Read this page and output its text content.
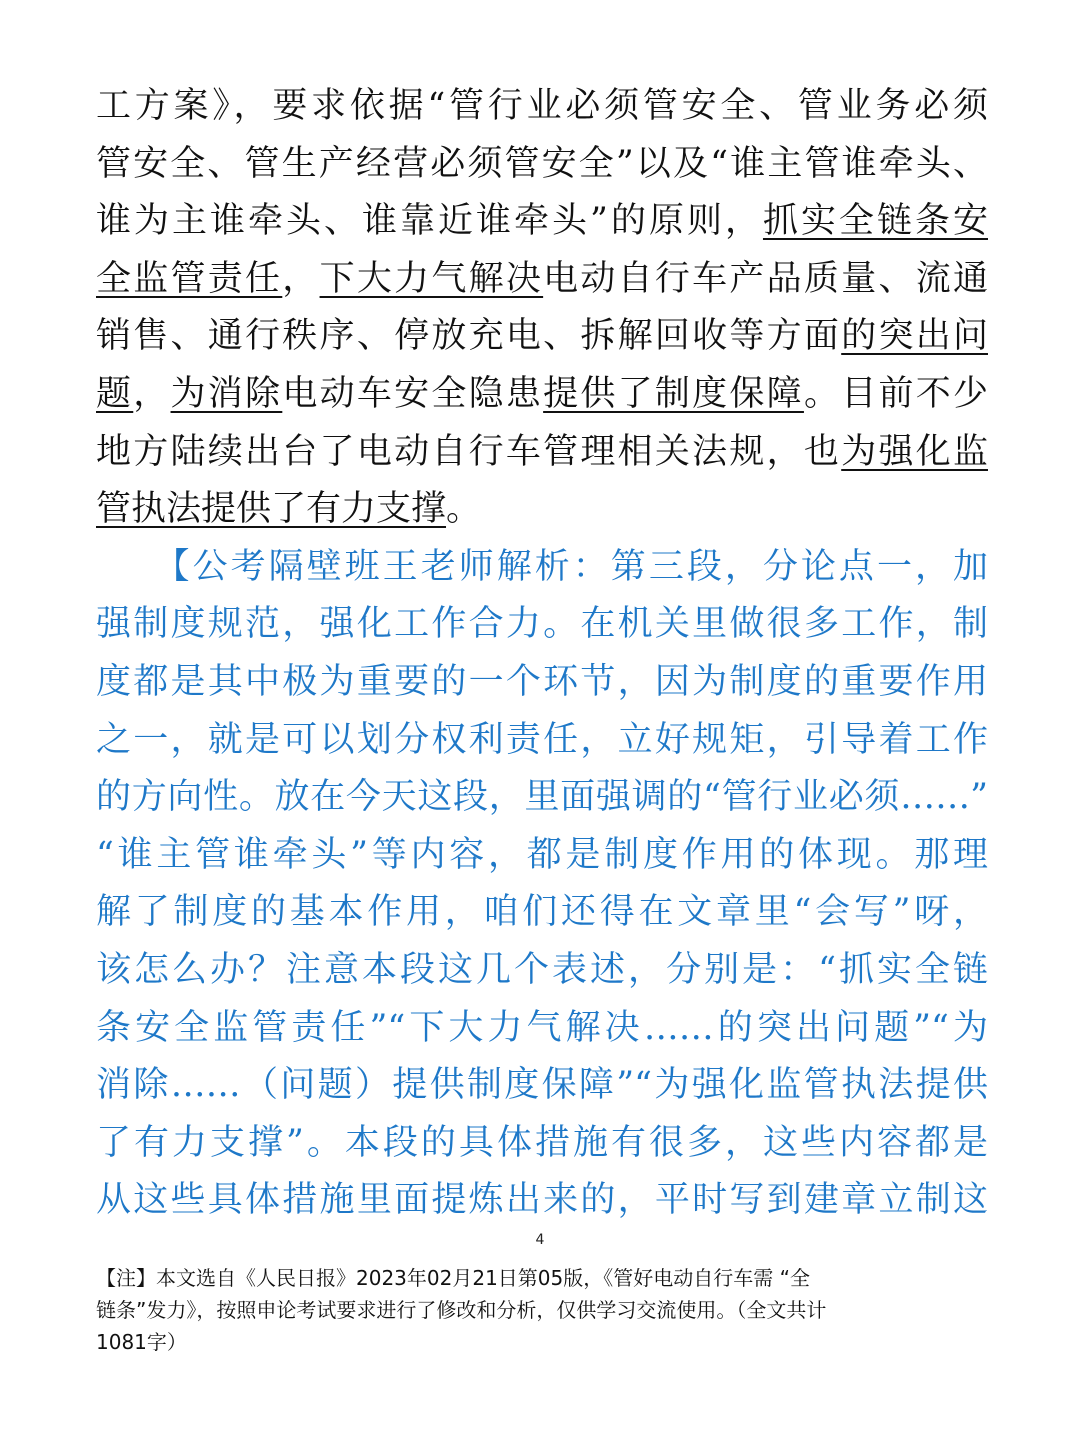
工方案》，要求依据“管行业必须管安全、管业务必须
管安全、管生产经营必须管安全”以及“谁主管谁牵头、
谁为主谁牵头、谁靠近谁牵头”的原则，抓实全链条安
全监管责任，下大力气解决电动自行车产品质量、流通
销售、通行秩序、停放充电、拆解回收等方面的突出问
题，为消除电动车安全隐患提供了制度保障。目前不少
地方陆续出台了电动自行车管理相关法规，也为强化监
管执法提供了有力支撑。
　　【公考隔壁班王老师解析：第三段，分论点一，加
强制度规范，强化工作合力。在机关里做很多工作，制
度都是其中极为重要的一个环节，因为制度的重要作用
之一，就是可以划分权利责任，立好规矩，引导着工作
的方向性。放在今天这段，里面强调的“管行业必须……”
“谁主管谁牵头”等内容，都是制度作用的体现。那理
解了制度的基本作用，咱们还得在文章里“会写”呀，
该怎么办？注意本段这几个表述，分别是：“抓实全链
条安全监管责任”“下大力气解决……的突出问题”“为
消除……（问题）提供制度保障”“为强化监管执法提供
了有力支撑”。本段的具体措施有很多，这些内容都是
从这些具体措施里面提炼出来的，平时写到建章立制这
4
【注】本文选自《人民日报》2023年02月21日第05版，《管好电动自行车需 “全
链条”发力》，按照申论考试要求进行了修改和分析，仅供学习交流使用。（全文共计
1081字）
